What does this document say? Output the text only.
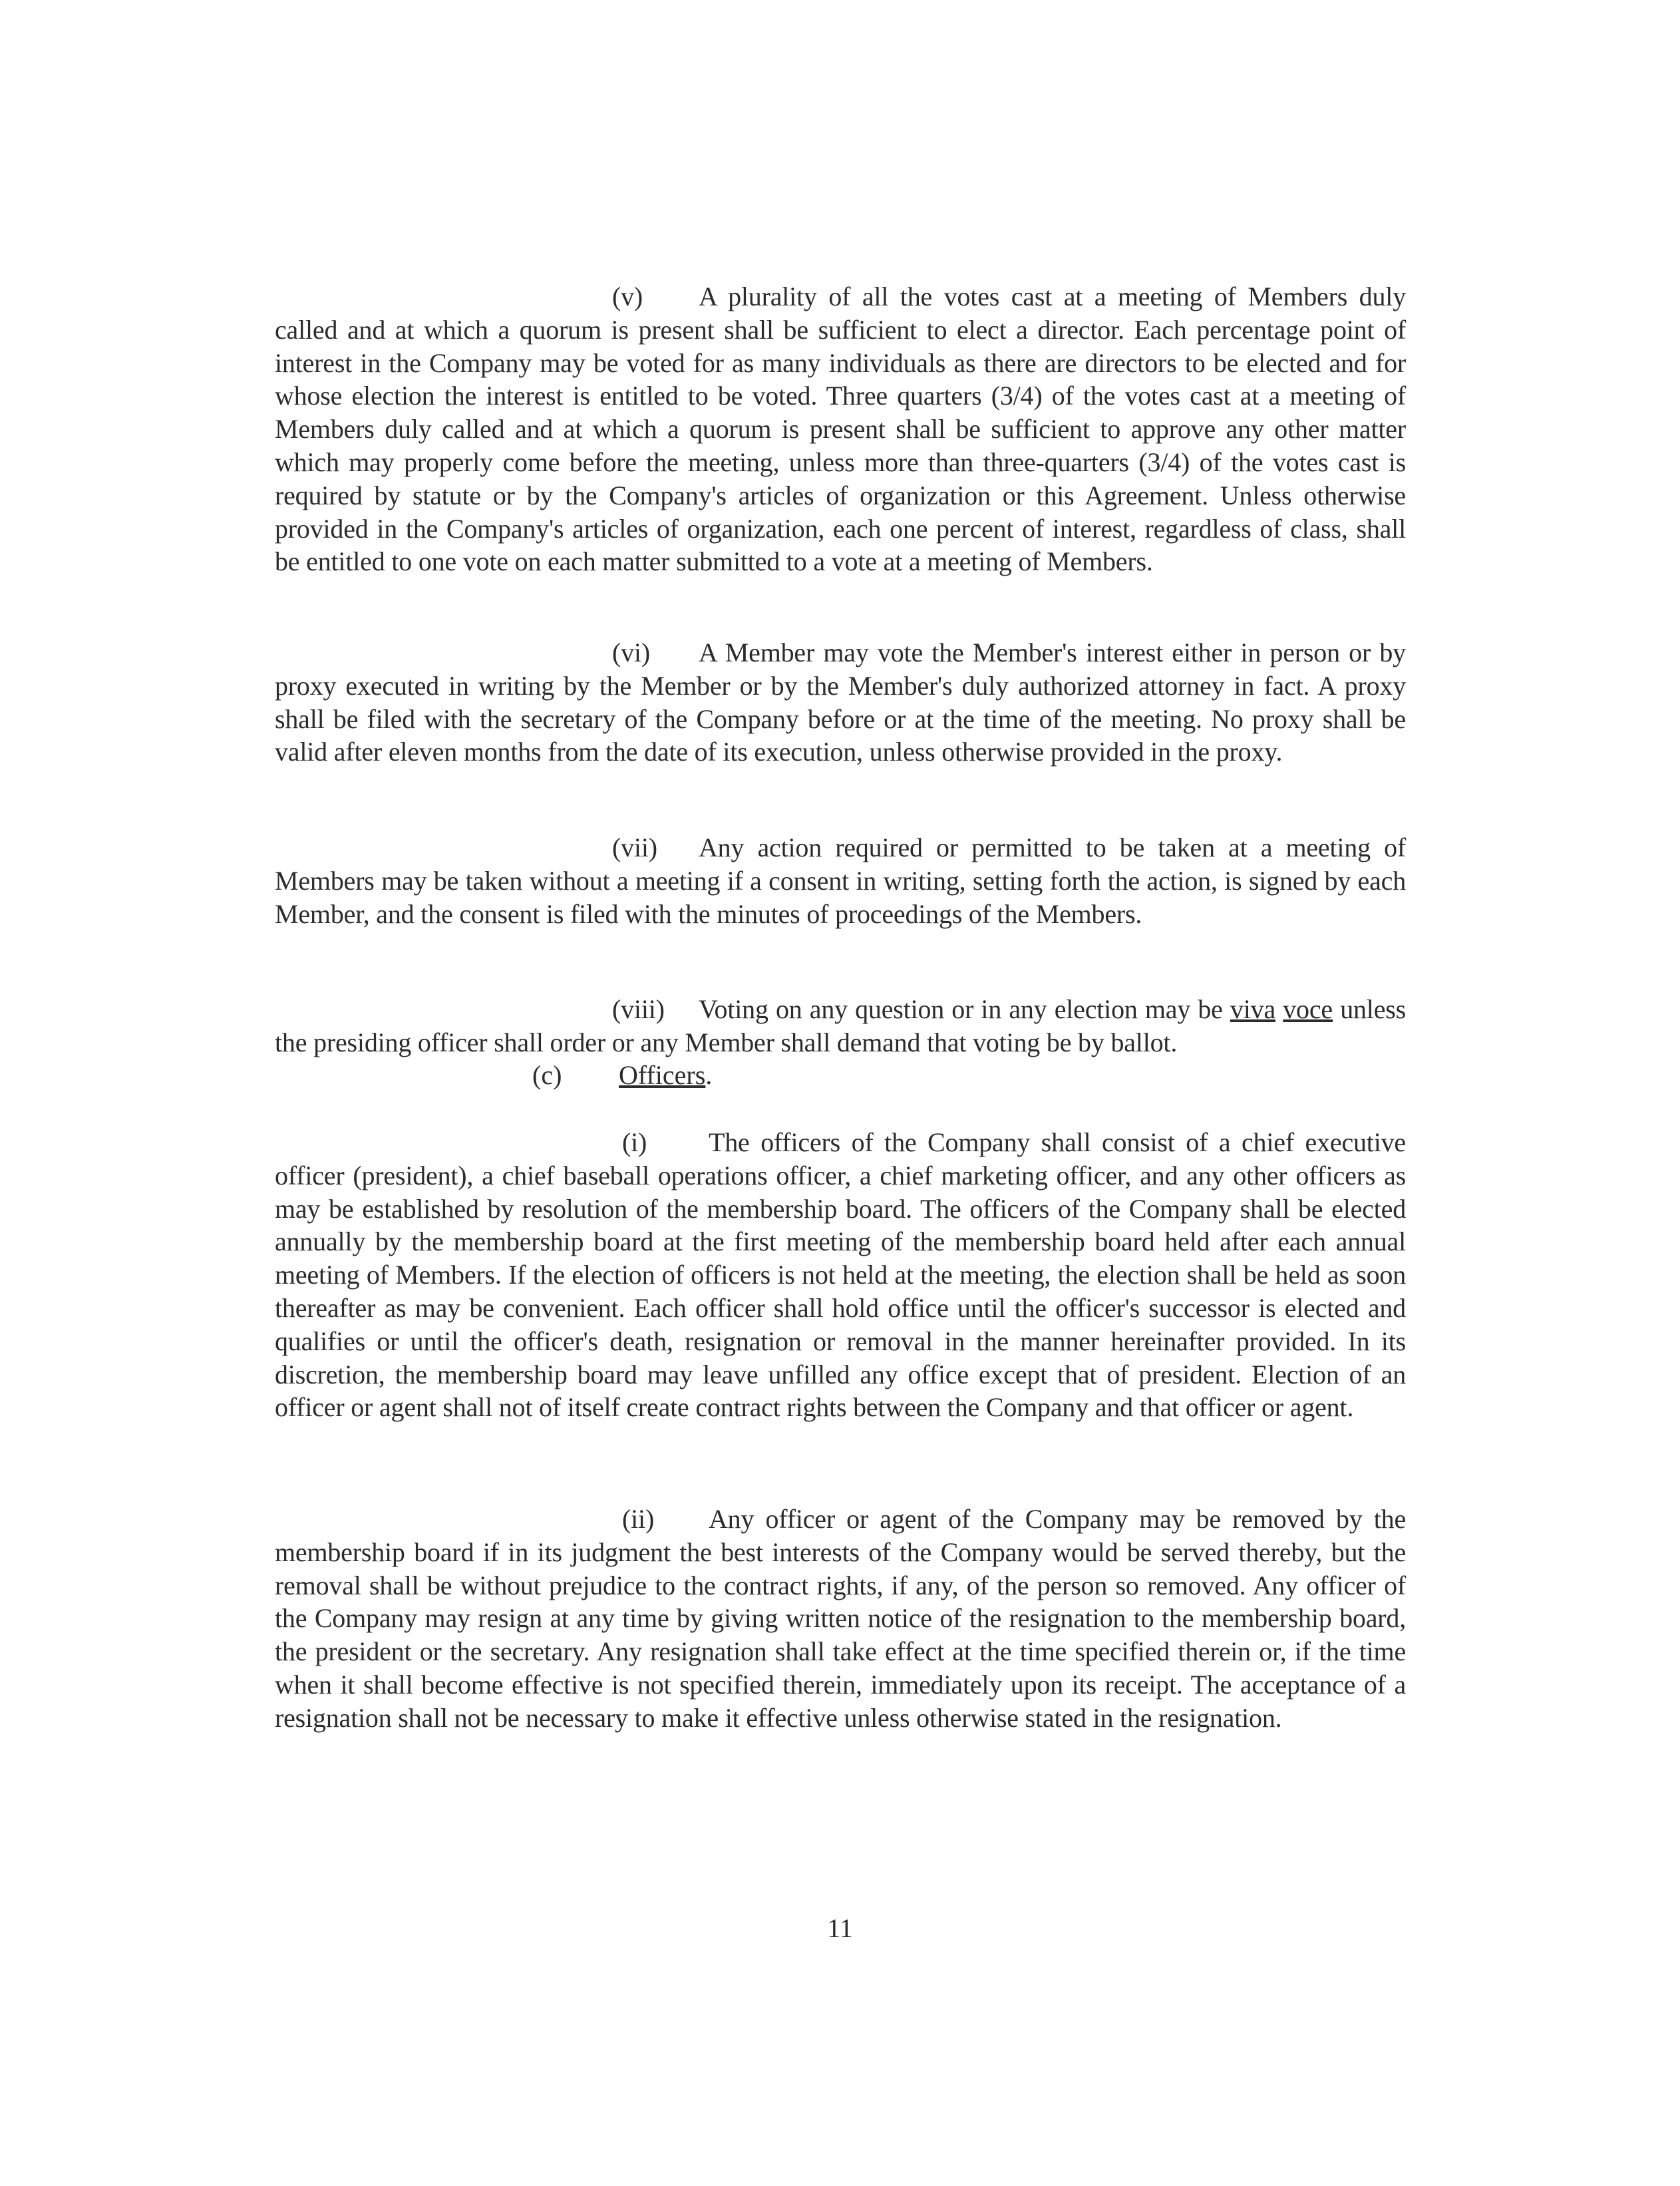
(v) A plurality of all the votes cast at a meeting of Members duly called and at which a quorum is present shall be sufficient to elect a director. Each percentage point of interest in the Company may be voted for as many individuals as there are directors to be elected and for whose election the interest is entitled to be voted. Three quarters (3/4) of the votes cast at a meeting of Members duly called and at which a quorum is present shall be sufficient to approve any other matter which may properly come before the meeting, unless more than three-quarters (3/4) of the votes cast is required by statute or by the Company's articles of organization or this Agreement. Unless otherwise provided in the Company's articles of organization, each one percent of interest, regardless of class, shall be entitled to one vote on each matter submitted to a vote at a meeting of Members.

(vi) A Member may vote the Member's interest either in person or by proxy executed in writing by the Member or by the Member's duly authorized attorney in fact. A proxy shall be filed with the secretary of the Company before or at the time of the meeting. No proxy shall be valid after eleven months from the date of its execution, unless otherwise provided in the proxy.

(vii) Any action required or permitted to be taken at a meeting of Members may be taken without a meeting if a consent in writing, setting forth the action, is signed by each Member, and the consent is filed with the minutes of proceedings of the Members.

(viii) Voting on any question or in any election may be viva voce unless the presiding officer shall order or any Member shall demand that voting be by ballot.

(c) Officers.

(i) The officers of the Company shall consist of a chief executive officer (president), a chief baseball operations officer, a chief marketing officer, and any other officers as may be established by resolution of the membership board. The officers of the Company shall be elected annually by the membership board at the first meeting of the membership board held after each annual meeting of Members. If the election of officers is not held at the meeting, the election shall be held as soon thereafter as may be convenient. Each officer shall hold office until the officer's successor is elected and qualifies or until the officer's death, resignation or removal in the manner hereinafter provided. In its discretion, the membership board may leave unfilled any office except that of president. Election of an officer or agent shall not of itself create contract rights between the Company and that officer or agent.

(ii) Any officer or agent of the Company may be removed by the membership board if in its judgment the best interests of the Company would be served thereby, but the removal shall be without prejudice to the contract rights, if any, of the person so removed. Any officer of the Company may resign at any time by giving written notice of the resignation to the membership board, the president or the secretary. Any resignation shall take effect at the time specified therein or, if the time when it shall become effective is not specified therein, immediately upon its receipt. The acceptance of a resignation shall not be necessary to make it effective unless otherwise stated in the resignation.

11
